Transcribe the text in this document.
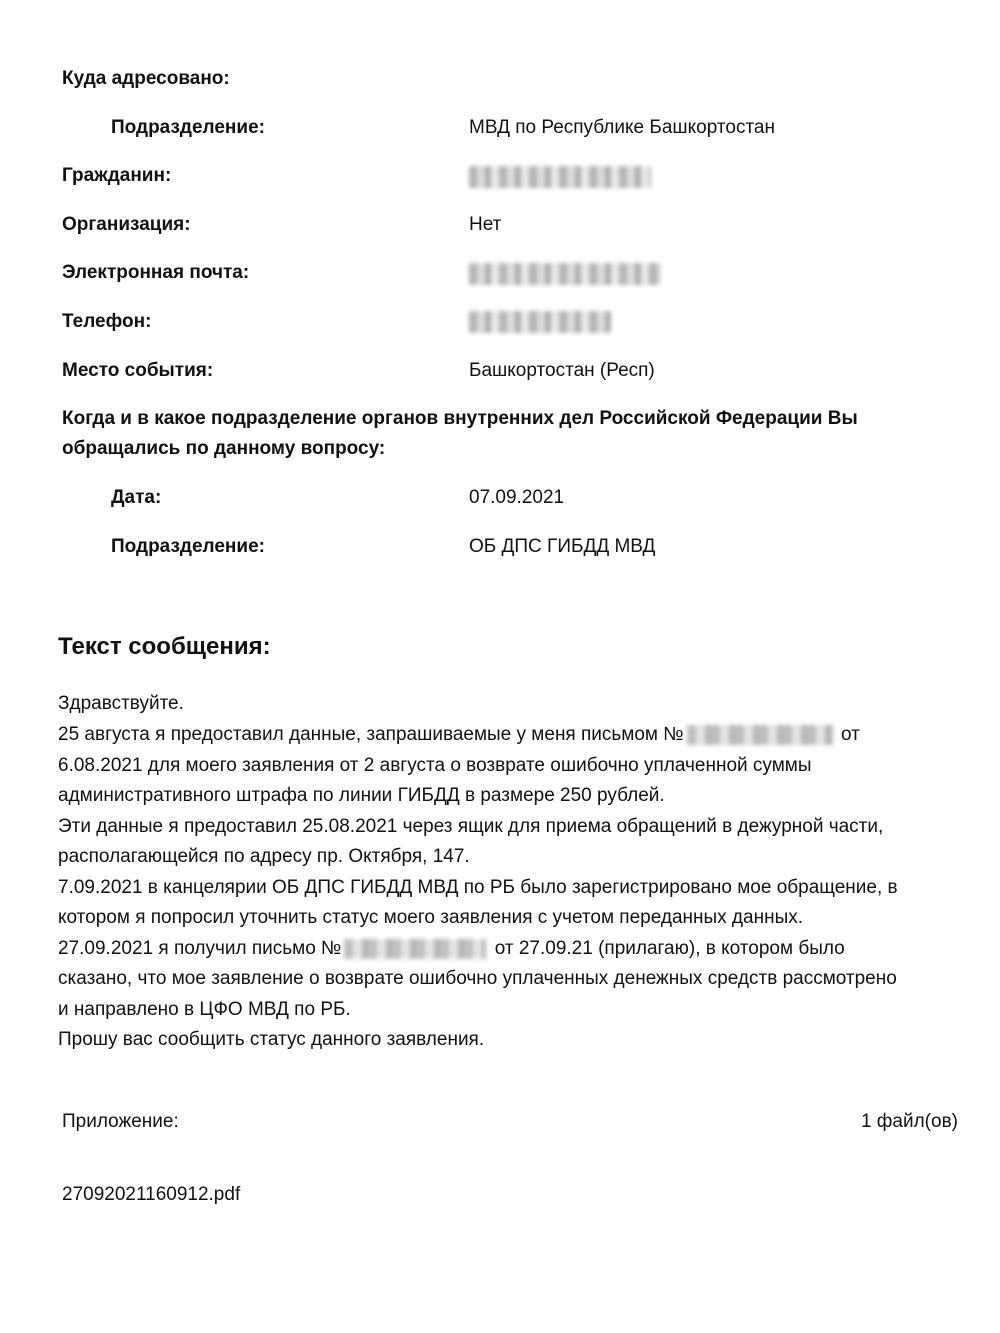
Куда адресовано:
Подразделение:	МВД по Республике Башкортостан
Гражданин:
Организация:	Нет
Электронная почта:
Телефон:
Место события:	Башкортостан (Респ)
Когда и в какое подразделение органов внутренних дел Российской Федерации Вы
обращались по данному вопросу:
Дата:	07.09.2021
Подразделение:	ОБ ДПС ГИБДД МВД
Текст сообщения:
Здравствуйте.
25 августа я предоставил данные, запрашиваемые у меня письмом №	от
6.08.2021 для моего заявления от 2 августа о возврате ошибочно уплаченной суммы
административного штрафа по линии ГИБДД в размере 250 рублей.
Эти данные я предоставил 25.08.2021 через ящик для приема обращений в дежурной части,
располагающейся по адресу пр. Октября, 147.
7.09.2021 в канцелярии ОБ ДПС ГИБДД МВД по РБ было зарегистрировано мое обращение, в
котором я попросил уточнить статус моего заявления с учетом переданных данных.
27.09.2021 я получил письмо №	от 27.09.21 (прилагаю), в котором было
сказано, что мое заявление о возврате ошибочно уплаченных денежных средств рассмотрено
и направлено в ЦФО МВД по РБ.
Прошу вас сообщить статус данного заявления.
Приложение:	1 файл(ов)
27092021160912.pdf
